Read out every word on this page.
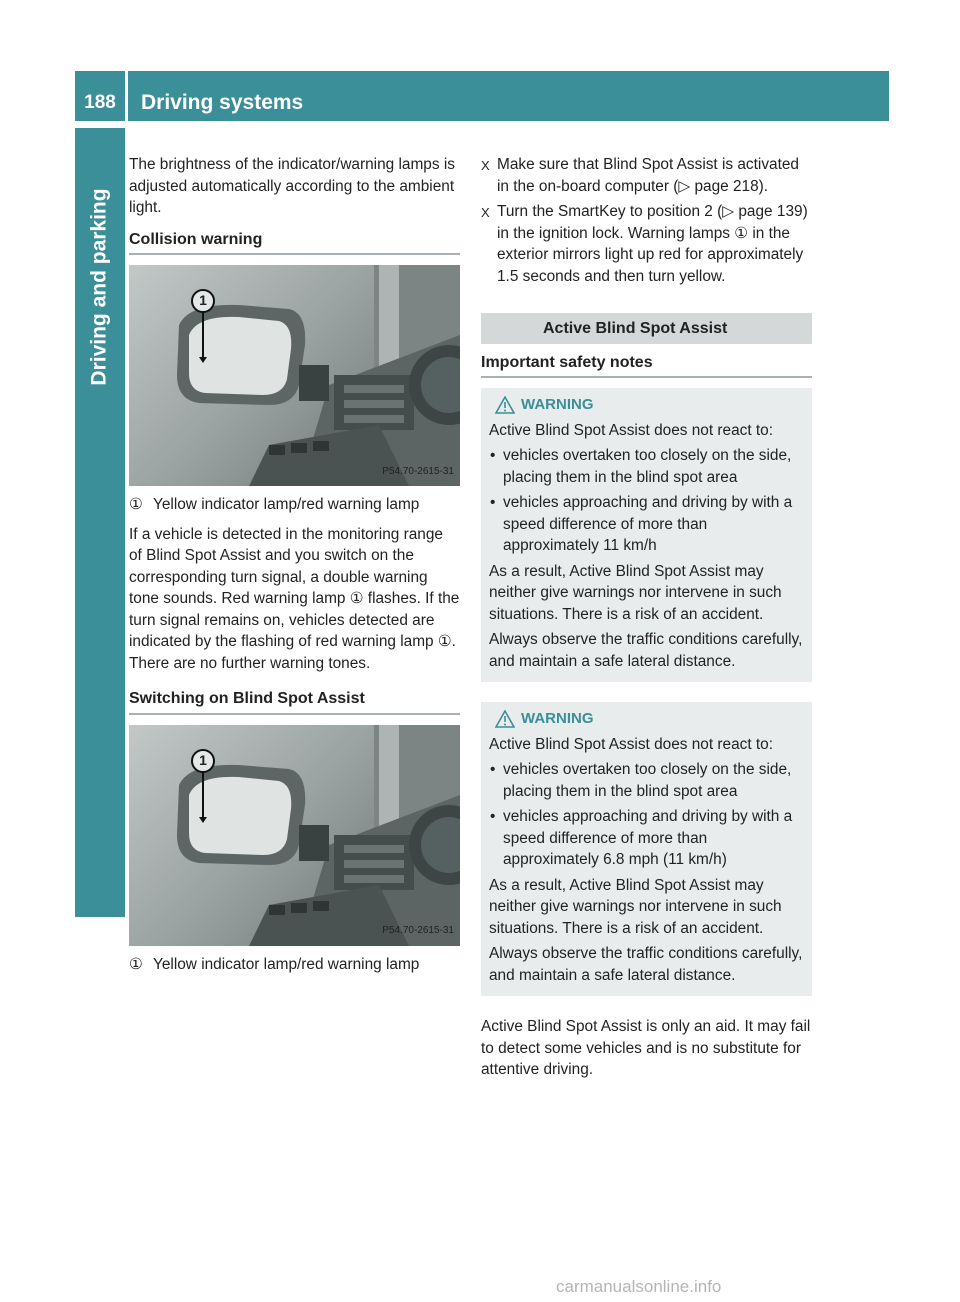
188	Driving systems
Driving and parking

The brightness of the indicator/warning lamps is adjusted automatically according to the ambient light.

Collision warning
1
P54.70-2615-31
① Yellow indicator lamp/red warning lamp

If a vehicle is detected in the monitoring range of Blind Spot Assist and you switch on the corresponding turn signal, a double warning tone sounds. Red warning lamp ① flashes. If the turn signal remains on, vehicles detected are indicated by the flashing of red warning lamp ①. There are no further warning tones.

Switching on Blind Spot Assist
1
P54.70-2615-31
① Yellow indicator lamp/red warning lamp
X Make sure that Blind Spot Assist is activated in the on-board computer (▷ page 218).
X Turn the SmartKey to position 2 (▷ page 139) in the ignition lock. Warning lamps ① in the exterior mirrors light up red for approximately 1.5 seconds and then turn yellow.
Active Blind Spot Assist
Important safety notes
WARNING

Active Blind Spot Assist does not react to:

• vehicles overtaken too closely on the side, placing them in the blind spot area
• vehicles approaching and driving by with a speed difference of more than approximately 11 km/h

As a result, Active Blind Spot Assist may neither give warnings nor intervene in such situations. There is a risk of an accident.

Always observe the traffic conditions carefully, and maintain a safe lateral distance.

WARNING

Active Blind Spot Assist does not react to:

• vehicles overtaken too closely on the side, placing them in the blind spot area
• vehicles approaching and driving by with a speed difference of more than approximately 6.8 mph (11 km/h)

As a result, Active Blind Spot Assist may neither give warnings nor intervene in such situations. There is a risk of an accident.

Always observe the traffic conditions carefully, and maintain a safe lateral distance.

Active Blind Spot Assist is only an aid. It may fail to detect some vehicles and is no substitute for attentive driving.

carmanualsonline.info
